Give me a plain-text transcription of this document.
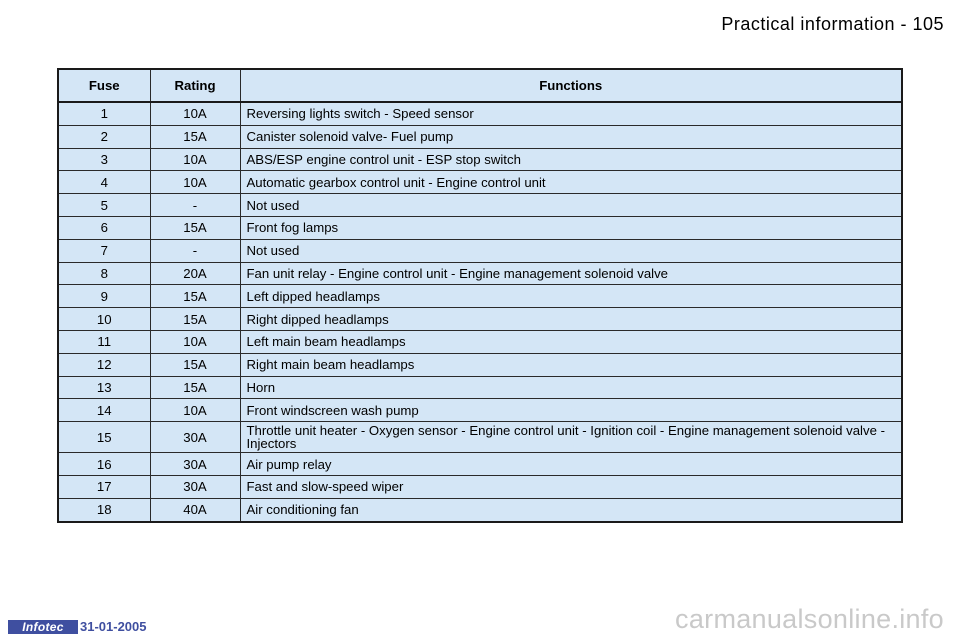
Practical information - 105
Fuse	Rating	Functions
1	10A	Reversing lights switch - Speed sensor
2	15A	Canister solenoid valve- Fuel pump
3	10A	ABS/ESP engine control unit - ESP stop switch
4	10A	Automatic gearbox control unit - Engine control unit
5	-	Not used
6	15A	Front fog lamps
7	-	Not used
8	20A	Fan unit relay - Engine control unit - Engine management solenoid valve
9	15A	Left dipped headlamps
10	15A	Right dipped headlamps
11	10A	Left main beam headlamps
12	15A	Right main beam headlamps
13	15A	Horn
14	10A	Front windscreen wash pump
15	30A	Throttle unit heater - Oxygen sensor - Engine control unit - Ignition coil - Engine management solenoid valve - Injectors
16	30A	Air pump relay
17	30A	Fast and slow-speed wiper
18	40A	Air conditioning fan
Infotec	31-01-2005	carmanualsonline.info
